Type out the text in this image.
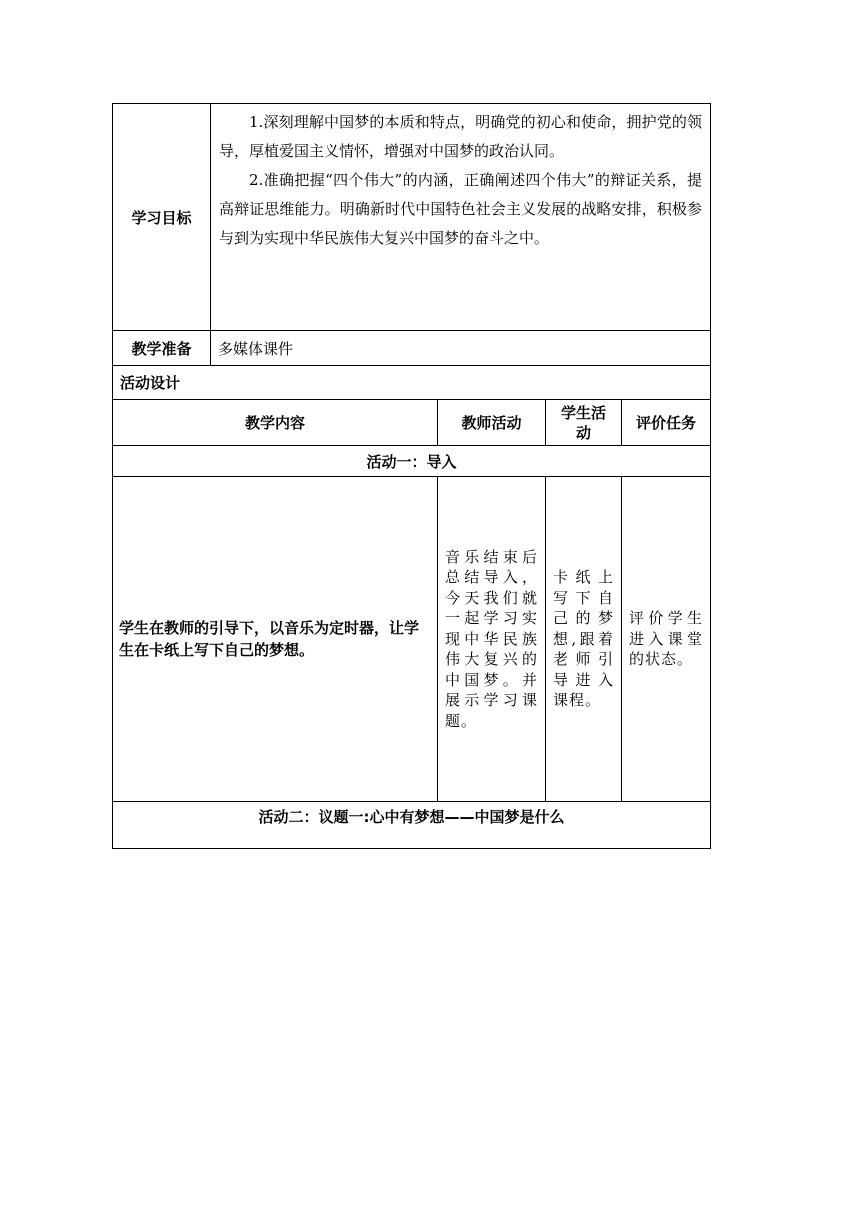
学习目标	1.深刻理解中国梦的本质和特点，明确党的初心和使命，拥护党的领导，厚植爱国主义情怀，增强对中国梦的政治认同。

2.准确把握“四个伟大”的内涵，正确阐述四个伟大”的辩证关系，提高辩证思维能力。明确新时代中国特色社会主义发展的战略安排，积极参与到为实现中华民族伟大复兴中国梦的奋斗之中。			

教学准备	多媒体课件			
活动设计				
教学内容		教师活动	学生活动	评价任务
活动一：导入				
学生在教师的引导下，以音乐为定时器，让学生在卡纸上写下自己的梦想。		音乐结束后总结导入，今天我们就一起学习实现中华民族伟大复兴的中国梦。并展示学习课题。	卡纸上写下自己的梦想,跟着老师引导进入课程。	评价学生进入课堂的状态。
活动二：议题一:心中有梦想——中国梦是什么				
